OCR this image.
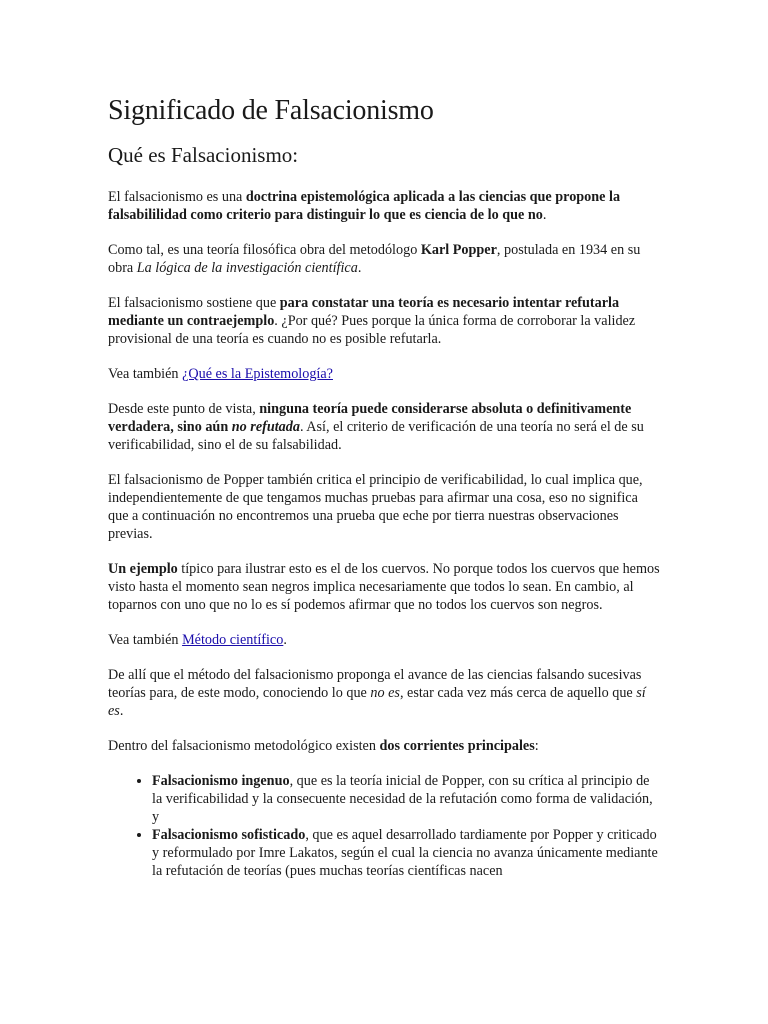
Significado de Falsacionismo
Qué es Falsacionismo:

El falsacionismo es una doctrina epistemológica aplicada a las ciencias que propone la falsabililidad como criterio para distinguir lo que es ciencia de lo que no.

Como tal, es una teoría filosófica obra del metodólogo Karl Popper, postulada en 1934 en su obra La lógica de la investigación científica.

El falsacionismo sostiene que para constatar una teoría es necesario intentar refutarla mediante un contraejemplo. ¿Por qué? Pues porque la única forma de corroborar la validez provisional de una teoría es cuando no es posible refutarla.

Vea también ¿Qué es la Epistemología?

Desde este punto de vista, ninguna teoría puede considerarse absoluta o definitivamente verdadera, sino aún no refutada. Así, el criterio de verificación de una teoría no será el de su verificabilidad, sino el de su falsabilidad.

El falsacionismo de Popper también critica el principio de verificabilidad, lo cual implica que, independientemente de que tengamos muchas pruebas para afirmar una cosa, eso no significa que a continuación no encontremos una prueba que eche por tierra nuestras observaciones previas.

Un ejemplo típico para ilustrar esto es el de los cuervos. No porque todos los cuervos que hemos visto hasta el momento sean negros implica necesariamente que todos lo sean. En cambio, al toparnos con uno que no lo es sí podemos afirmar que no todos los cuervos son negros.

Vea también Método científico.

De allí que el método del falsacionismo proponga el avance de las ciencias falsando sucesivas teorías para, de este modo, conociendo lo que no es, estar cada vez más cerca de aquello que sí es.

Dentro del falsacionismo metodológico existen dos corrientes principales:

• Falsacionismo ingenuo, que es la teoría inicial de Popper, con su crítica al principio de la verificabilidad y la consecuente necesidad de la refutación como forma de validación, y
• Falsacionismo sofisticado, que es aquel desarrollado tardiamente por Popper y criticado y reformulado por Imre Lakatos, según el cual la ciencia no avanza únicamente mediante la refutación de teorías (pues muchas teorías científicas nacen
